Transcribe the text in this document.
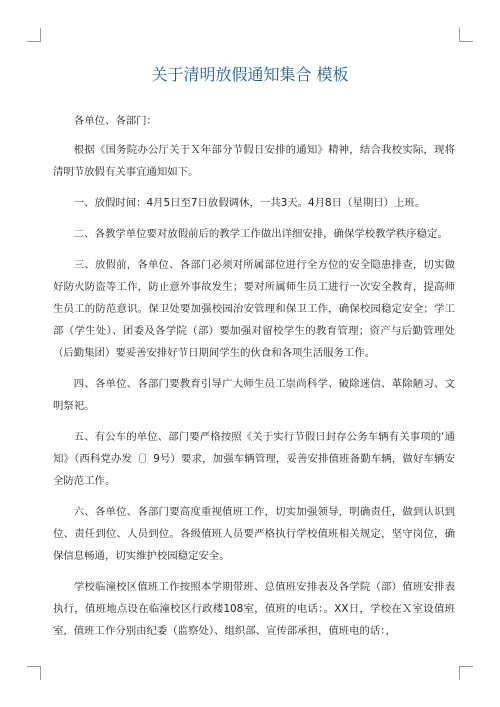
关于清明放假通知集合 模板

各单位、各部门：

根据《国务院办公厅关于Ｘ年部分节假日安排的通知》精神，结合我校实际，现将清明节放假有关事宜通知如下。

一、放假时间：4月5日至7日放假调休，一共3天。4月8日（星期日）上班。

二、各教学单位要对放假前后的教学工作做出详细安排，确保学校教学秩序稳定。

三、放假前，各单位、各部门必须对所属部位进行全方位的安全隐患排查，切实做好防火防盗等工作，防止意外事故发生；要对所属师生员工进行一次安全教育，提高师生员工的防范意识。保卫处要加强校园治安管理和保卫工作，确保校园稳定安全；学工部（学生处）、团委及各学院（部）要加强对留校学生的教育管理；资产与后勤管理处（后勤集团）要妥善安排好节日期间学生的伙食和各项生活服务工作。

四、各单位、各部门要教育引导广大师生员工崇尚科学、破除迷信、革除陋习、文明祭祀。

五、有公车的单位、部门要严格按照《关于实行节假日封存公务车辆有关事项的‘通知》（西科党办发〔〕9号）要求，加强车辆管理，妥善安排值班备勤车辆，做好车辆安全防范工作。

六、各单位、各部门要高度重视值班工作，切实加强领导，明确责任，做到认识到位、责任到位、人员到位。各级值班人员要严格执行学校值班相关规定，坚守岗位，确保信息畅通，切实维护校园稳定安全。

学校临潼校区值班工作按照本学期带班、总值班安排表及各学院（部）值班安排表执行，值班地点设在临潼校区行政楼108室，值班的电话：。XX日，学校在Ｘ室设值班室，值班工作分别由纪委（监察处）、组织部、宣传部承担，值班电的话：，
